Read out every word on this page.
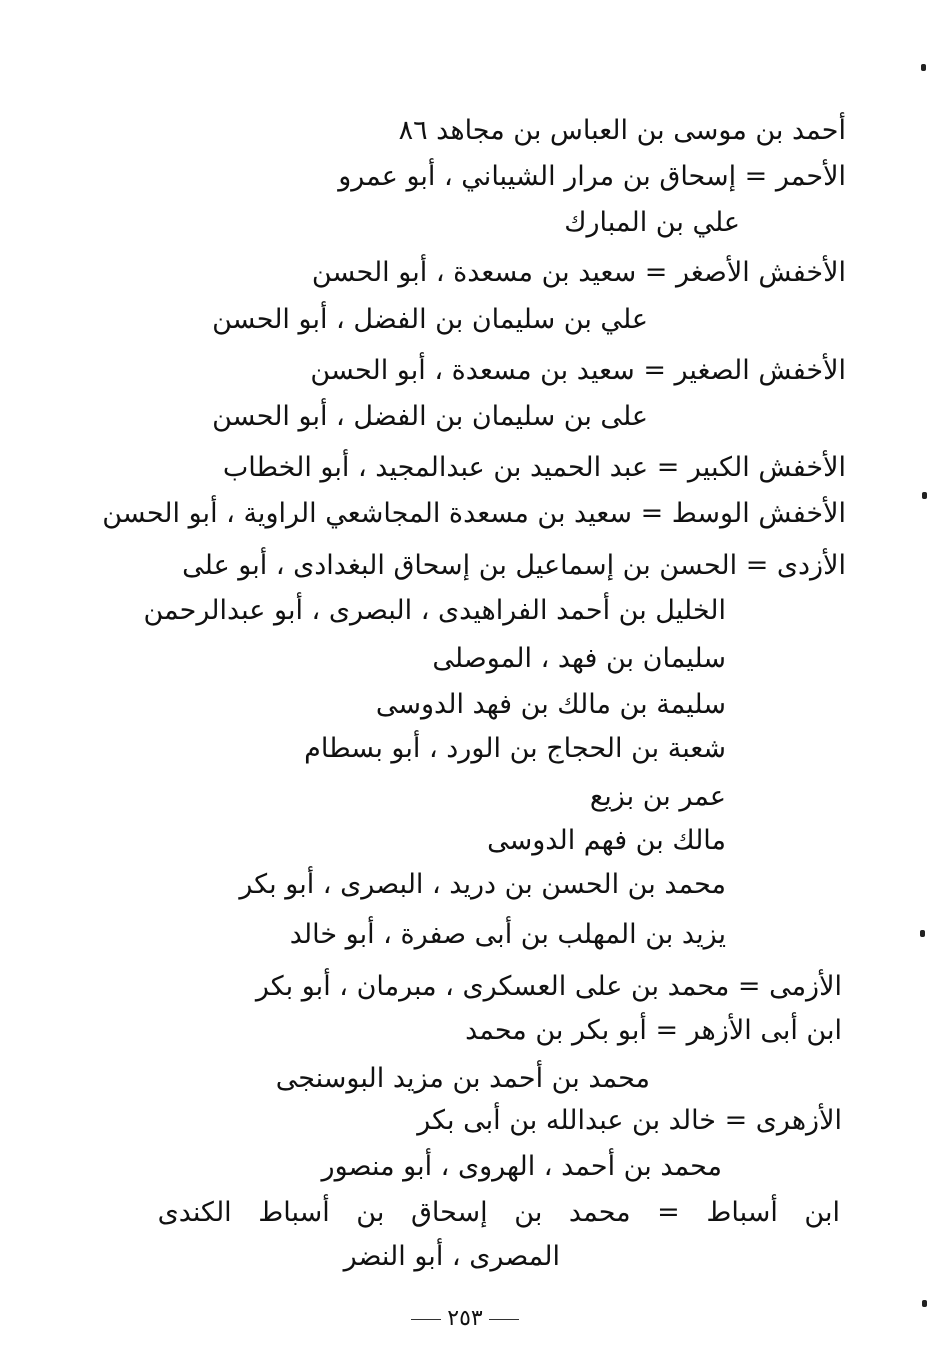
أحمد بن موسى بن العباس بن مجاهد ٨٦
الأحمر = إسحاق بن مرار الشيباني ، أبو عمرو
علي بن المبارك
الأخفش الأصغر = سعيد بن مسعدة ، أبو الحسن
علي بن سليمان بن الفضل ، أبو الحسن
الأخفش الصغير = سعيد بن مسعدة ، أبو الحسن
على بن سليمان بن الفضل ، أبو الحسن
الأخفش الكبير = عبد الحميد بن عبدالمجيد ، أبو الخطاب
الأخفش الوسط = سعيد بن مسعدة المجاشعي الراوية ، أبو الحسن
الأزدى = الحسن بن إسماعيل بن إسحاق البغدادى ، أبو على
الخليل بن أحمد الفراهيدى ، البصرى ، أبو عبدالرحمن
سليمان بن فهد ، الموصلى
سليمة بن مالك بن فهد الدوسى
شعبة بن الحجاج بن الورد ، أبو بسطام
عمر بن بزيع
مالك بن فهم الدوسى
محمد بن الحسن بن دريد ، البصرى ، أبو بكر
يزيد بن المهلب بن أبى صفرة ، أبو خالد
الأزمى = محمد بن على العسكرى ، مبرمان ، أبو بكر
ابن أبى الأزهر = أبو بكر بن محمد
محمد بن أحمد بن مزيد البوسنجى
الأزهرى = خالد بن عبدالله بن أبى بكر
محمد بن أحمد ، الهروى ، أبو منصور
ابن أسباط = محمد بن إسحاق بن أسباط الكندى
المصرى ، أبو النضر
٢٥٣
